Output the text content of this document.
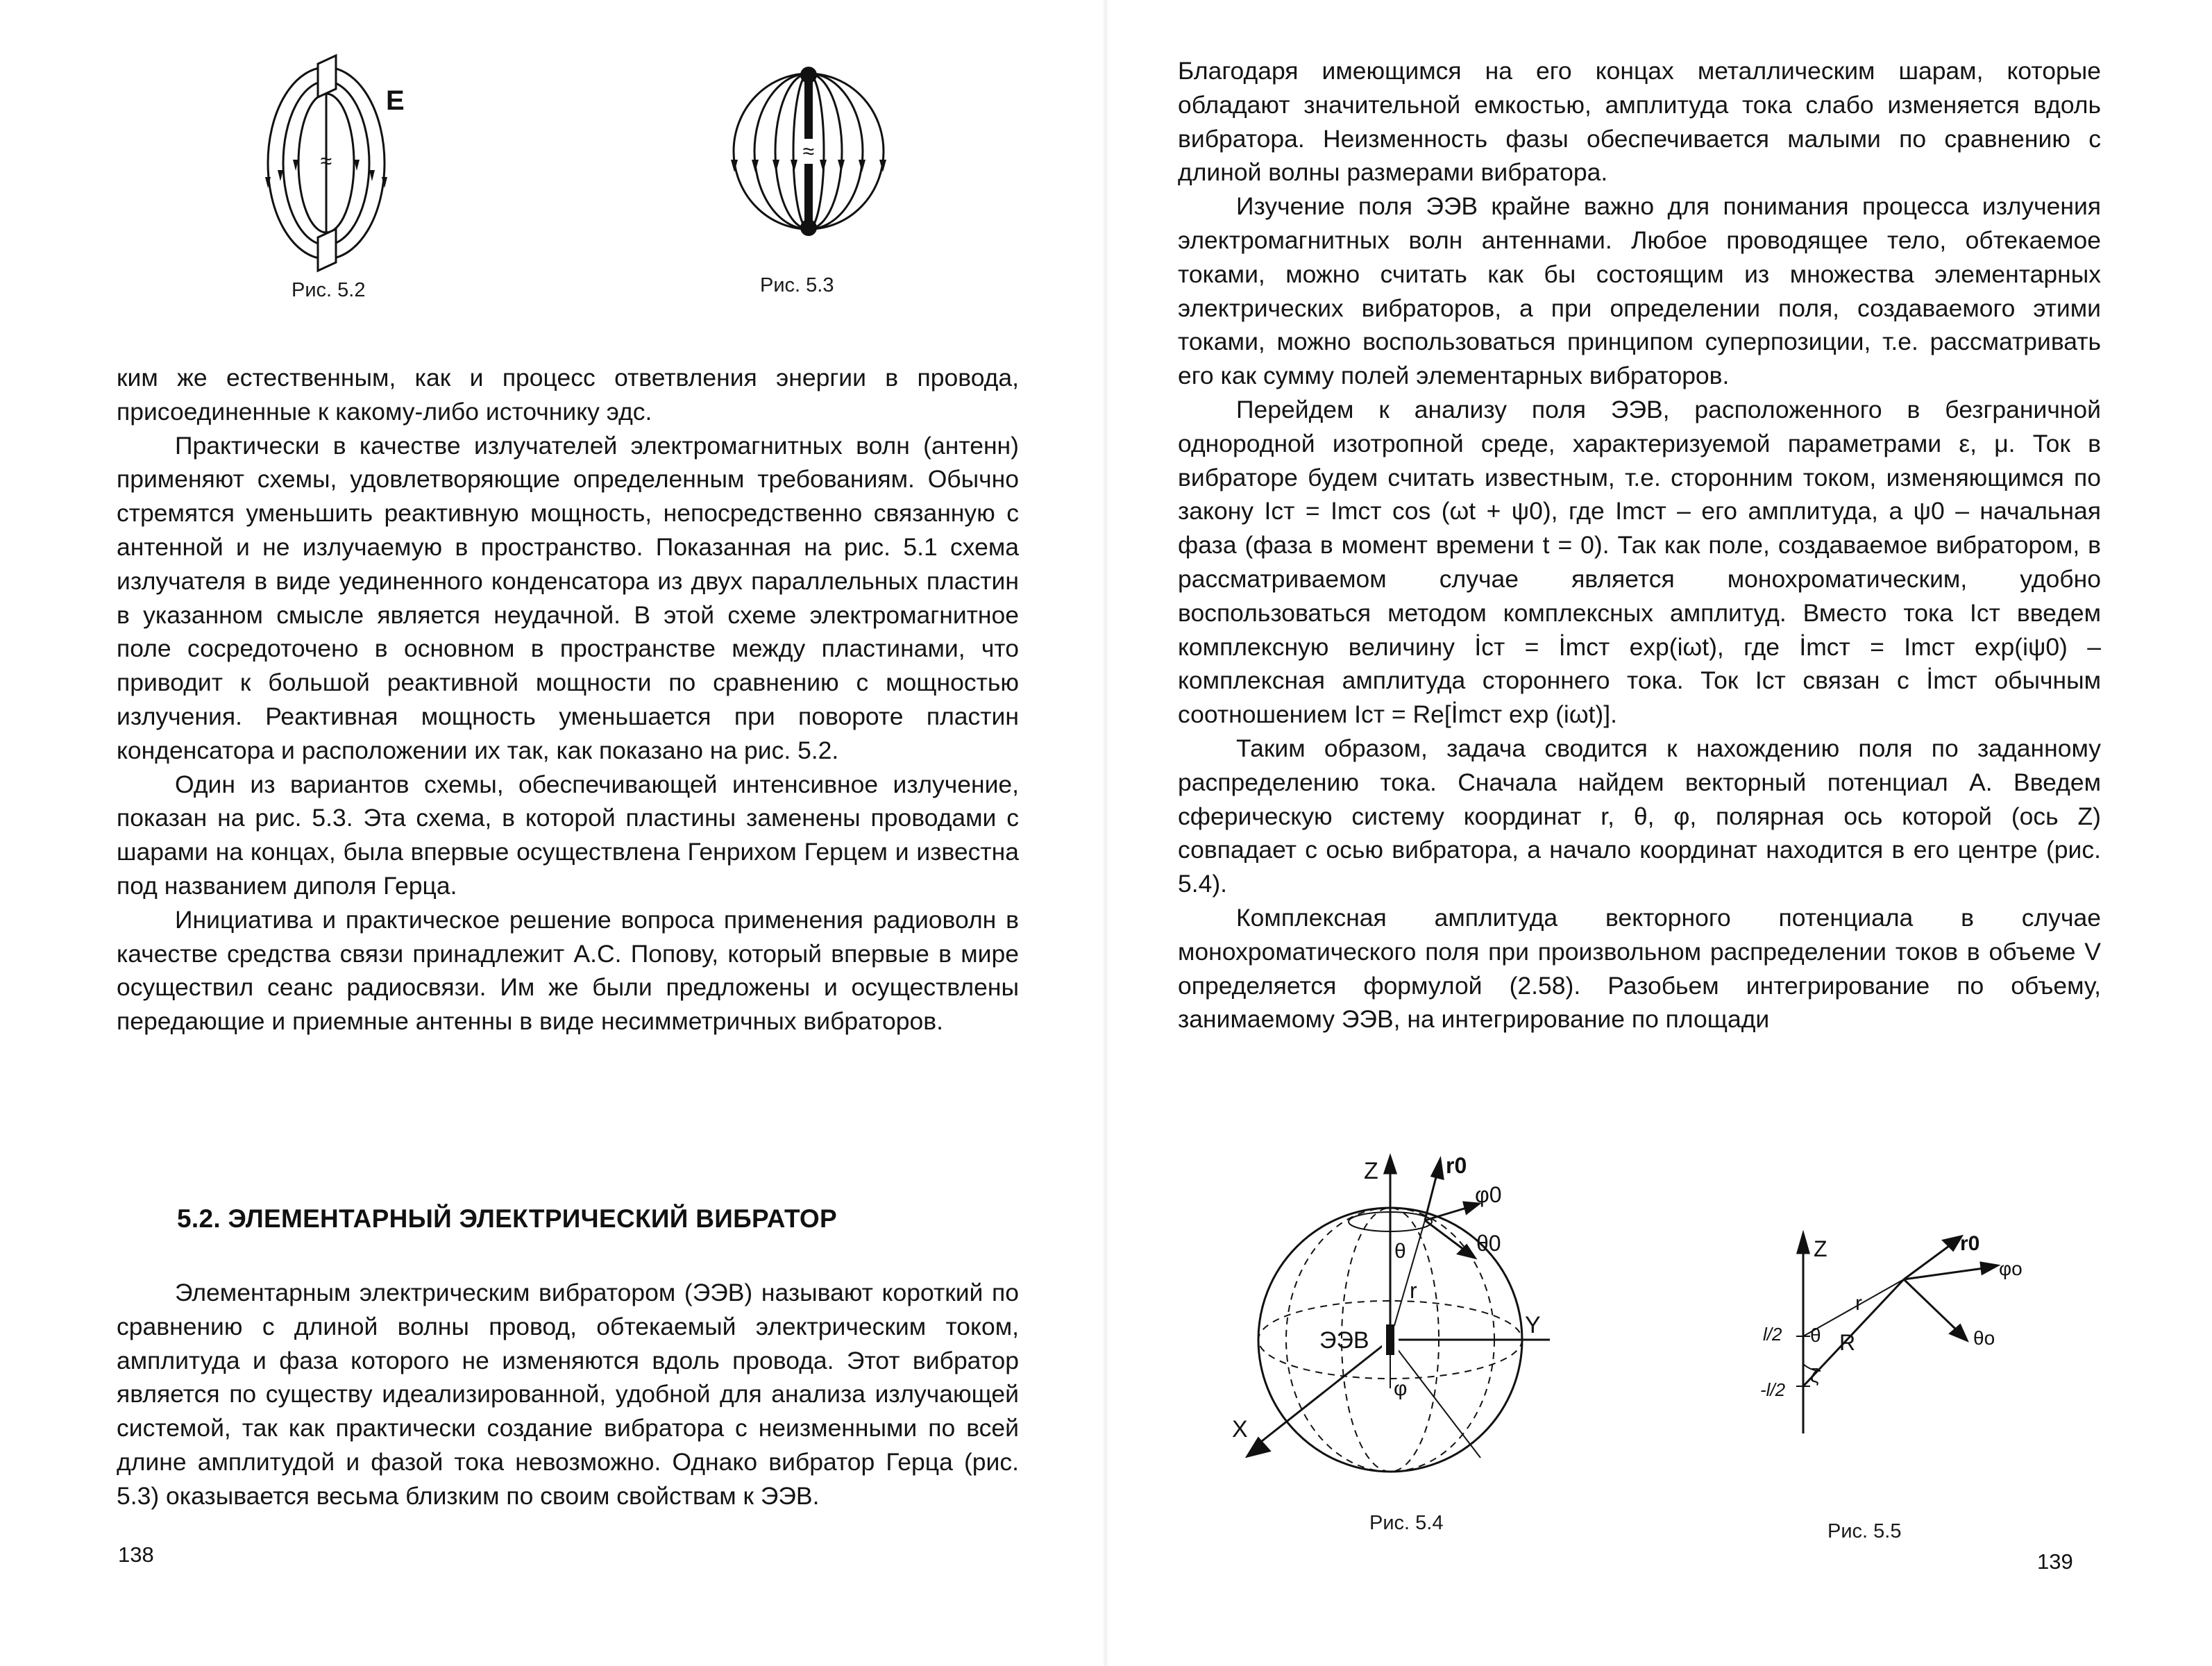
≈
E
Рис. 5.2
≈
Рис. 5.3

ким же естественным, как и процесс ответвления энергии в провода, присоединенные к какому-либо источнику эдс.

Практически в качестве излучателей электромагнитных волн (антенн) применяют схемы, удовлетворяющие определенным требованиям. Обычно стремятся уменьшить реактивную мощность, непосредственно связанную с антенной и не излучаемую в пространство. Показанная на рис. 5.1 схема излучателя в виде уединенного конденсатора из двух параллельных пластин в указанном смысле является неудачной. В этой схеме электромагнитное поле сосредоточено в основном в пространстве между пластинами, что приводит к большой реактивной мощности по сравнению с мощностью излучения. Реактивная мощность уменьшается при повороте пластин конденсатора и расположении их так, как показано на рис. 5.2.

Один из вариантов схемы, обеспечивающей интенсивное излучение, показан на рис. 5.3. Эта схема, в которой пластины заменены проводами с шарами на концах, была впервые осуществлена Генрихом Герцем и известна под названием диполя Герца.

Инициатива и практическое решение вопроса применения радиоволн в качестве средства связи принадлежит А.С. Попову, который впервые в мире осуществил сеанс радиосвязи. Им же были предложены и осуществлены передающие и приемные антенны в виде несимметричных вибраторов.

5.2. ЭЛЕМЕНТАРНЫЙ ЭЛЕКТРИЧЕСКИЙ ВИБРАТОР

Элементарным электрическим вибратором (ЭЭВ) называют короткий по сравнению с длиной волны провод, обтекаемый электрическим током, амплитуда и фаза которого не изменяются вдоль провода. Этот вибратор является по существу идеализированной, удобной для анализа излучающей системой, так как практически создание вибратора с неизменными по всей длине амплитудой и фазой тока невозможно. Однако вибратор Герца (рис. 5.3) оказывается весьма близким по своим свойствам к ЭЭВ.

138

Благодаря имеющимся на его концах металлическим шарам, которые обладают значительной емкостью, амплитуда тока слабо изменяется вдоль вибратора. Неизменность фазы обеспечивается малыми по сравнению с длиной волны размерами вибратора.

Изучение поля ЭЭВ крайне важно для понимания процесса излучения электромагнитных волн антеннами. Любое проводящее тело, обтекаемое токами, можно считать как бы состоящим из множества элементарных электрических вибраторов, а при определении поля, создаваемого этими токами, можно воспользоваться принципом суперпозиции, т.е. рассматривать его как сумму полей элементарных вибраторов.

Перейдем к анализу поля ЭЭВ, расположенного в безграничной однородной изотропной среде, характеризуемой параметрами ε, μ. Ток в вибраторе будем считать известным, т.е. сторонним током, изменяющимся по закону Iст = Imст cos (ωt + ψ0), где Imст – его амплитуда, а ψ0 – начальная фаза (фаза в момент времени t = 0). Так как поле, создаваемое вибратором, в рассматриваемом случае является монохроматическим, удобно воспользоваться методом комплексных амплитуд. Вместо тока Iст введем комплексную величину İст = İmст exp(iωt), где İmст = Imст exp(iψ0) – комплексная амплитуда стороннего тока. Ток Iст связан с İmст обычным соотношением Iст = Re[İmст exp (iωt)].

Таким образом, задача сводится к нахождению поля по заданному распределению тока. Сначала найдем векторный потенциал A. Введем сферическую систему координат r, θ, φ, полярная ось которой (ось Z) совпадает с осью вибратора, а начало координат находится в его центре (рис. 5.4).

Комплексная амплитуда векторного потенциала в случае монохроматического поля при произвольном распределении токов в объеме V определяется формулой (2.58). Разобьем интегрирование по объему, занимаемому ЭЭВ, на интегрирование по площади

Z	r0
φ0
θ0
θ
r
ЭЭВ
Y
φ
X
Рис. 5.4
Z	r0
φo
r
θo
l/2 θ R
ζ
-l/2
Рис. 5.5
139
